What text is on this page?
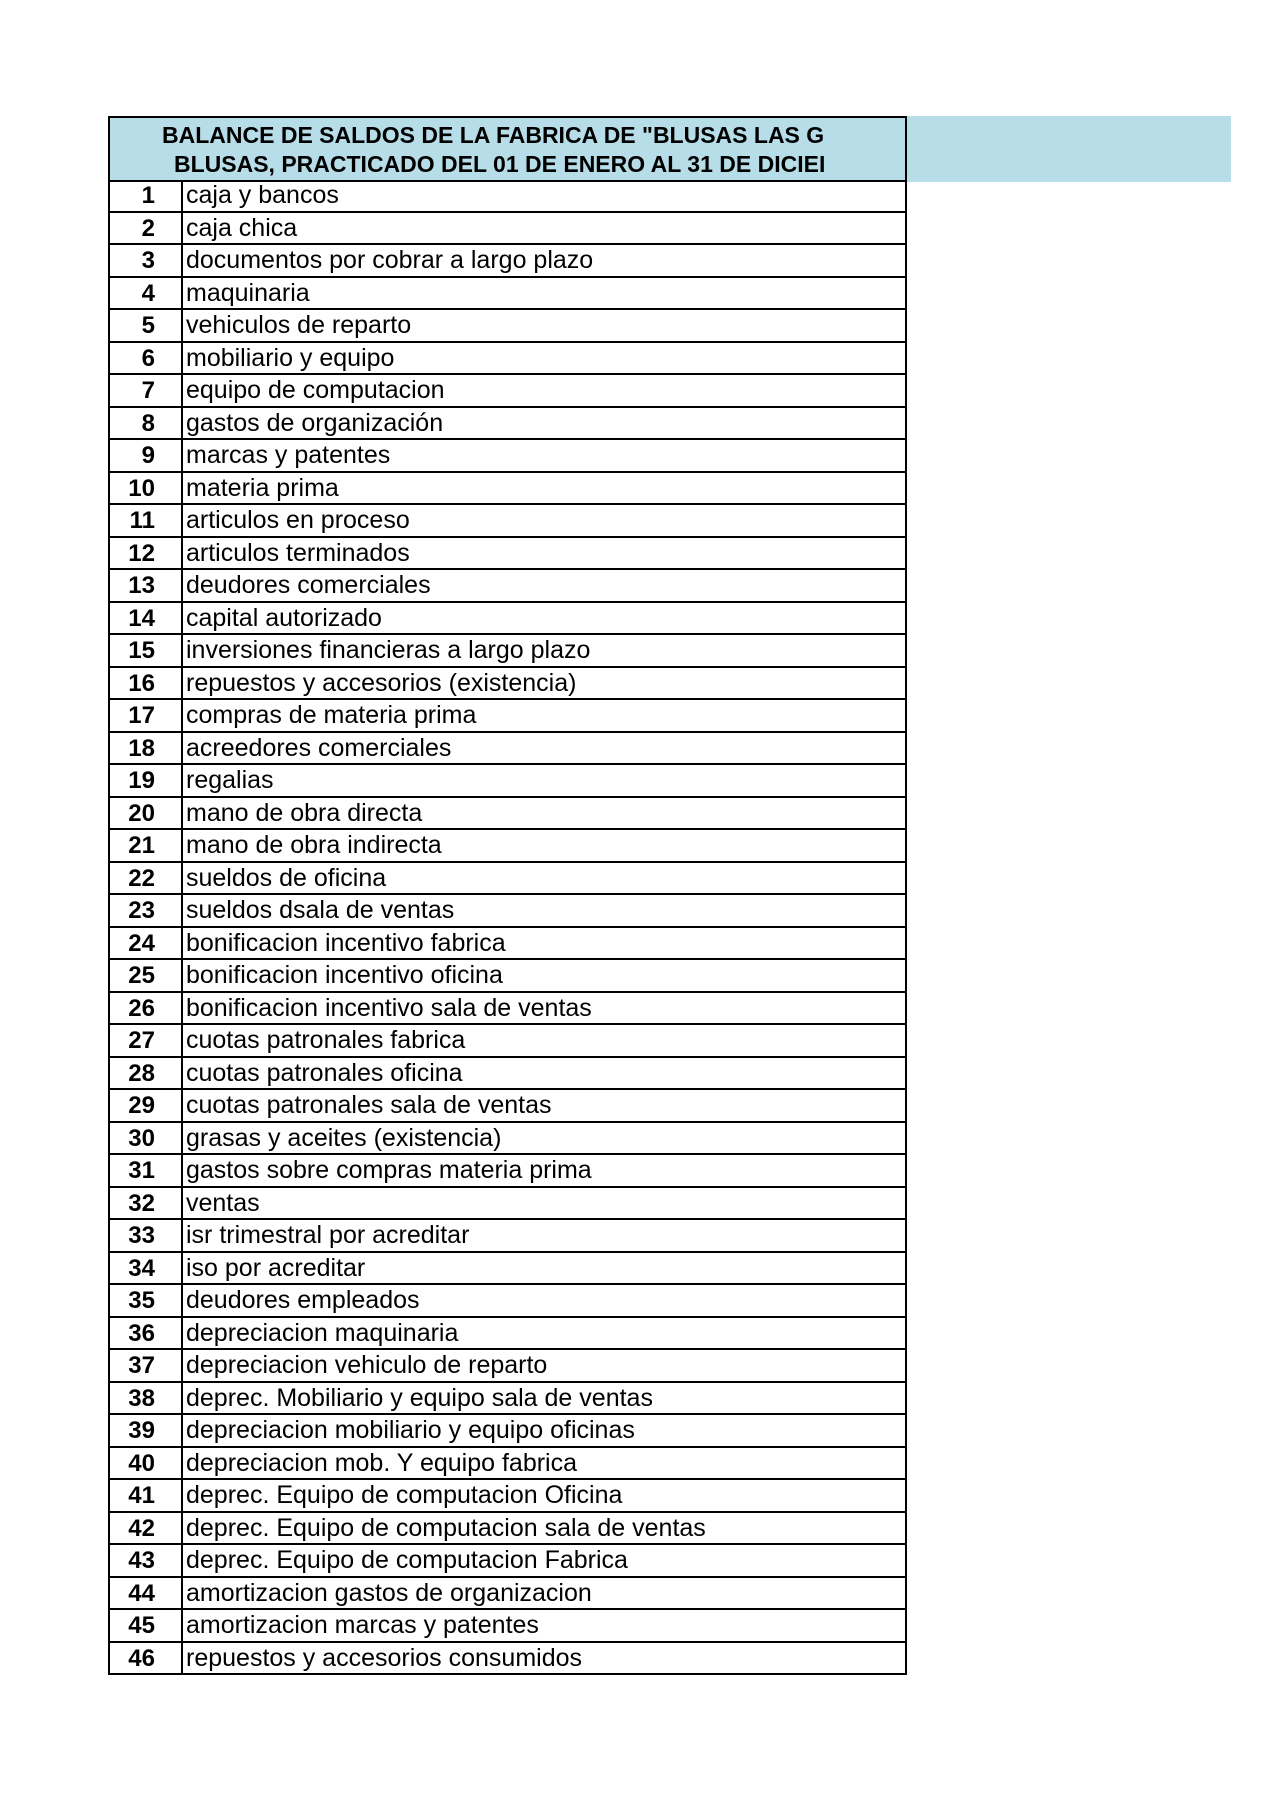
BALANCE DE SALDOS DE LA FABRICA DE "BLUSAS LAS G
BLUSAS, PRACTICADO DEL 01 DE ENERO AL 31 DE DICIEI
1	caja y bancos
2	caja chica
3	documentos por cobrar a largo plazo
4	maquinaria
5	vehiculos de reparto
6	mobiliario y equipo
7	equipo de computacion
8	gastos de organización
9	marcas y patentes
10	materia prima
11	articulos en proceso
12	articulos terminados
13	deudores comerciales
14	capital autorizado
15	inversiones financieras a largo plazo
16	repuestos y accesorios (existencia)
17	compras de materia prima
18	acreedores comerciales
19	regalias
20	mano de obra directa
21	mano de obra indirecta
22	sueldos de oficina
23	sueldos dsala de ventas
24	bonificacion incentivo fabrica
25	bonificacion incentivo oficina
26	bonificacion incentivo sala de ventas
27	cuotas patronales fabrica
28	cuotas patronales oficina
29	cuotas patronales sala de ventas
30	grasas y aceites (existencia)
31	gastos sobre compras materia prima
32	ventas
33	isr trimestral por acreditar
34	iso por acreditar
35	deudores empleados
36	depreciacion maquinaria
37	depreciacion vehiculo de reparto
38	deprec. Mobiliario y equipo sala de ventas
39	depreciacion mobiliario y equipo oficinas
40	depreciacion mob. Y equipo fabrica
41	deprec. Equipo de computacion Oficina
42	deprec. Equipo de computacion sala de ventas
43	deprec. Equipo de computacion Fabrica
44	amortizacion gastos de organizacion
45	amortizacion marcas y patentes
46	repuestos y accesorios consumidos
